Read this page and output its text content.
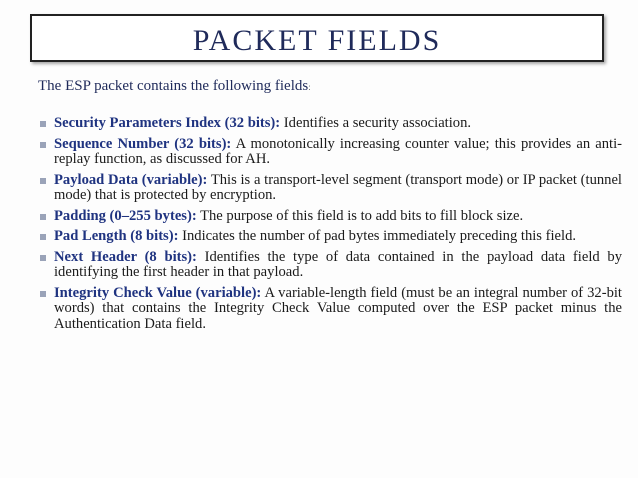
PACKET FIELDS
The ESP packet contains the following fields:
Security Parameters Index (32 bits): Identifies a security association.
Sequence Number (32 bits): A monotonically increasing counter value; this provides an anti-replay function, as discussed for AH.
Payload Data (variable): This is a transport-level segment (transport mode) or IP packet (tunnel mode) that is protected by encryption.
Padding (0–255 bytes): The purpose of this field is to add bits to fill block size.
Pad Length (8 bits): Indicates the number of pad bytes immediately preceding this field.
Next Header (8 bits): Identifies the type of data contained in the payload data field by identifying the first header in that payload.
Integrity Check Value (variable): A variable-length field (must be an integral number of 32-bit words) that contains the Integrity Check Value computed over the ESP packet minus the Authentication Data field.
